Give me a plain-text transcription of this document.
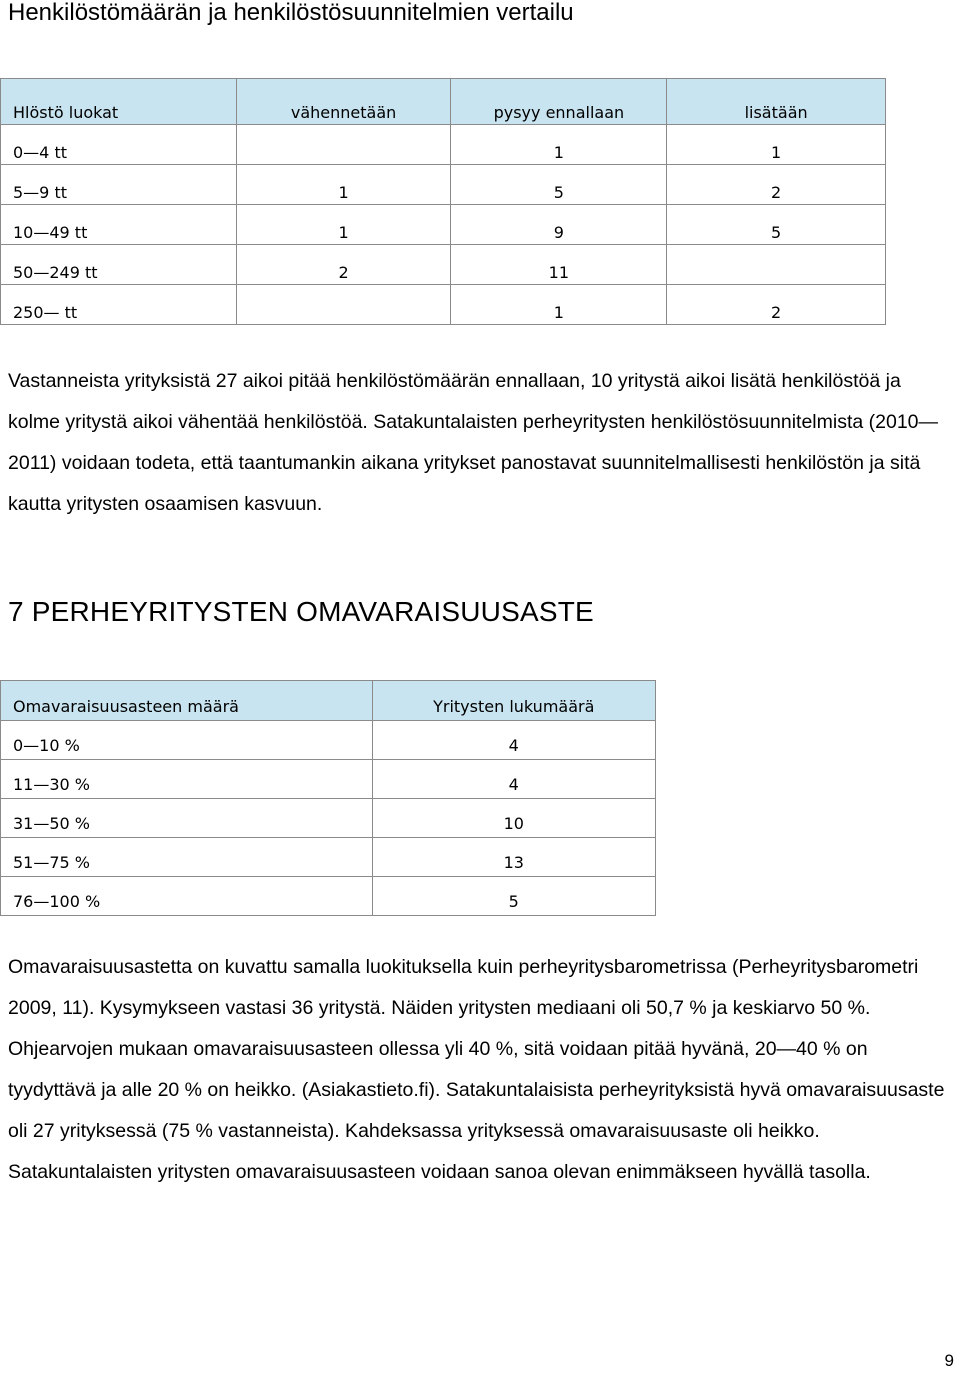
Henkilöstömäärän ja henkilöstösuunnitelmien vertailu
Hlöstö luokat	vähennetään	pysyy ennallaan	lisätään
0—4 tt		1	1
5—9 tt	1	5	2
10—49 tt	1	9	5
50—249 tt	2	11	
250— tt		1	2

Vastanneista yrityksistä 27 aikoi pitää henkilöstömäärän ennallaan, 10 yritystä aikoi lisätä henkilöstöä ja kolme yritystä aikoi vähentää henkilöstöä. Satakuntalaisten perheyritysten henkilöstösuunnitelmista (2010—2011) voidaan todeta, että taantumankin aikana yritykset panostavat suunnitelmallisesti henkilöstön ja sitä kautta yritysten osaamisen kasvuun.

7 PERHEYRITYSTEN OMAVARAISUUSASTE
Omavaraisuusasteen määrä	Yritysten lukumäärä
0—10 %	4
11—30 %	4
31—50 %	10
51—75 %	13
76—100 %	5

Omavaraisuusastetta on kuvattu samalla luokituksella kuin perheyritysbarometrissa (Perheyritysbarometri 2009, 11). Kysymykseen vastasi 36 yritystä. Näiden yritysten mediaani oli 50,7 % ja keskiarvo 50 %. Ohjearvojen mukaan omavaraisuusasteen ollessa yli 40 %, sitä voidaan pitää hyvänä, 20—40 % on tyydyttävä ja alle 20 % on heikko. (Asiakastieto.fi). Satakuntalaisista perheyrityksistä hyvä omavaraisuusaste oli 27 yrityksessä (75 % vastanneista). Kahdeksassa yrityksessä omavaraisuusaste oli heikko. Satakuntalaisten yritysten omavaraisuusasteen voidaan sanoa olevan enimmäkseen hyvällä tasolla.

9
